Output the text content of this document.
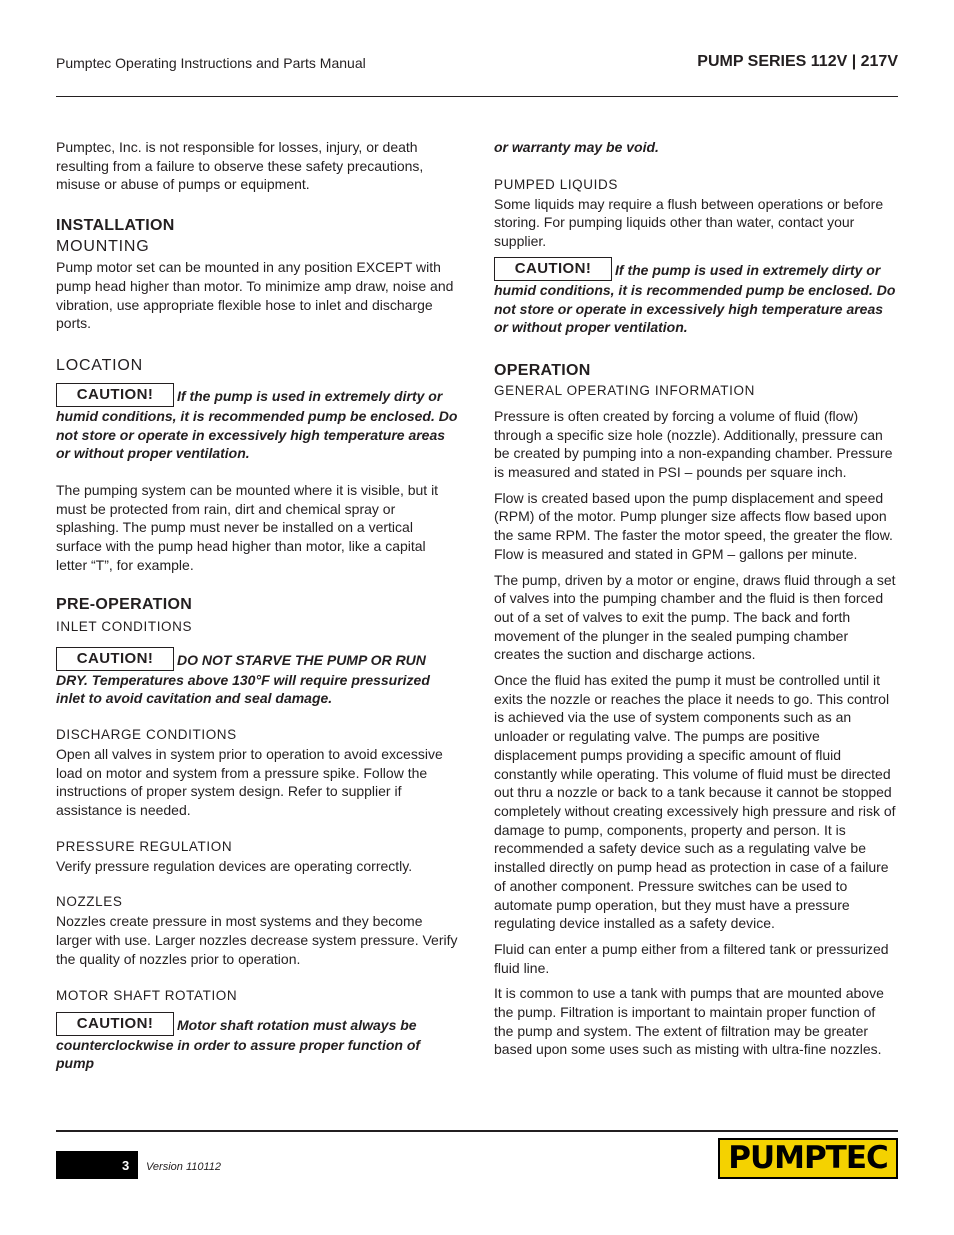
Pumptec Operating Instructions and Parts Manual	PUMP SERIES 112V | 217V

Pumptec, Inc. is not responsible for losses, injury, or death resulting from a failure to observe these safety precautions, misuse or abuse of pumps or equipment.

INSTALLATION
MOUNTING

Pump motor set can be mounted in any position EXCEPT with pump head higher than motor. To minimize amp draw, noise and vibration, use appropriate flexible hose to inlet and discharge ports.

LOCATION
CAUTION! If the pump is used in extremely dirty or humid conditions, it is recommended pump be enclosed. Do not store or operate in excessively high temperature areas or without proper ventilation.

The pumping system can be mounted where it is visible, but it must be protected from rain, dirt and chemical spray or splashing. The pump must never be installed on a vertical surface with the pump head higher than motor, like a capital letter “T”, for example.

PRE-OPERATION
INLET CONDITIONS
CAUTION! DO NOT STARVE THE PUMP OR RUN DRY. Temperatures above 130°F will require pressurized inlet to avoid cavitation and seal damage.
DISCHARGE CONDITIONS

Open all valves in system prior to operation to avoid excessive load on motor and system from a pressure spike. Follow the instructions of proper system design. Refer to supplier if assistance is needed.

PRESSURE REGULATION

Verify pressure regulation devices are operating correctly.

NOZZLES

Nozzles create pressure in most systems and they become larger with use. Larger nozzles decrease system pressure. Verify the quality of nozzles prior to operation.

MOTOR SHAFT ROTATION
CAUTION! Motor shaft rotation must always be counterclockwise in order to assure proper function of pump

or warranty may be void.

PUMPED LIQUIDS

Some liquids may require a flush between operations or before storing. For pumping liquids other than water, contact your supplier.

CAUTION! If the pump is used in extremely dirty or humid conditions, it is recommended pump be enclosed. Do not store or operate in excessively high temperature areas or without proper ventilation.
OPERATION
GENERAL OPERATING INFORMATION

Pressure is often created by forcing a volume of fluid (flow) through a specific size hole (nozzle). Additionally, pressure can be created by pumping into a non-expanding chamber. Pressure is measured and stated in PSI – pounds per square inch.

Flow is created based upon the pump displacement and speed (RPM) of the motor. Pump plunger size affects flow based upon the same RPM. The faster the motor speed, the greater the flow. Flow is measured and stated in GPM – gallons per minute.

The pump, driven by a motor or engine, draws fluid through a set of valves into the pumping chamber and the fluid is then forced out of a set of valves to exit the pump. The back and forth movement of the plunger in the sealed pumping chamber creates the suction and discharge actions.

Once the fluid has exited the pump it must be controlled until it exits the nozzle or reaches the place it needs to go. This control is achieved via the use of system components such as an unloader or regulating valve. The pumps are positive displacement pumps providing a specific amount of fluid constantly while operating. This volume of fluid must be directed out thru a nozzle or back to a tank because it cannot be stopped completely without creating excessively high pressure and risk of damage to pump, components, property and person. It is recommended a safety device such as a regulating valve be installed directly on pump head as protection in case of a failure of another component. Pressure switches can be used to automate pump operation, but they must have a pressure regulating device installed as a safety device.

Fluid can enter a pump either from a filtered tank or pressurized fluid line.

It is common to use a tank with pumps that are mounted above the pump. Filtration is important to maintain proper function of the pump and system. The extent of filtration may be greater based upon some uses such as misting with ultra-fine nozzles.

3 Version 110112	PUMPTEC
